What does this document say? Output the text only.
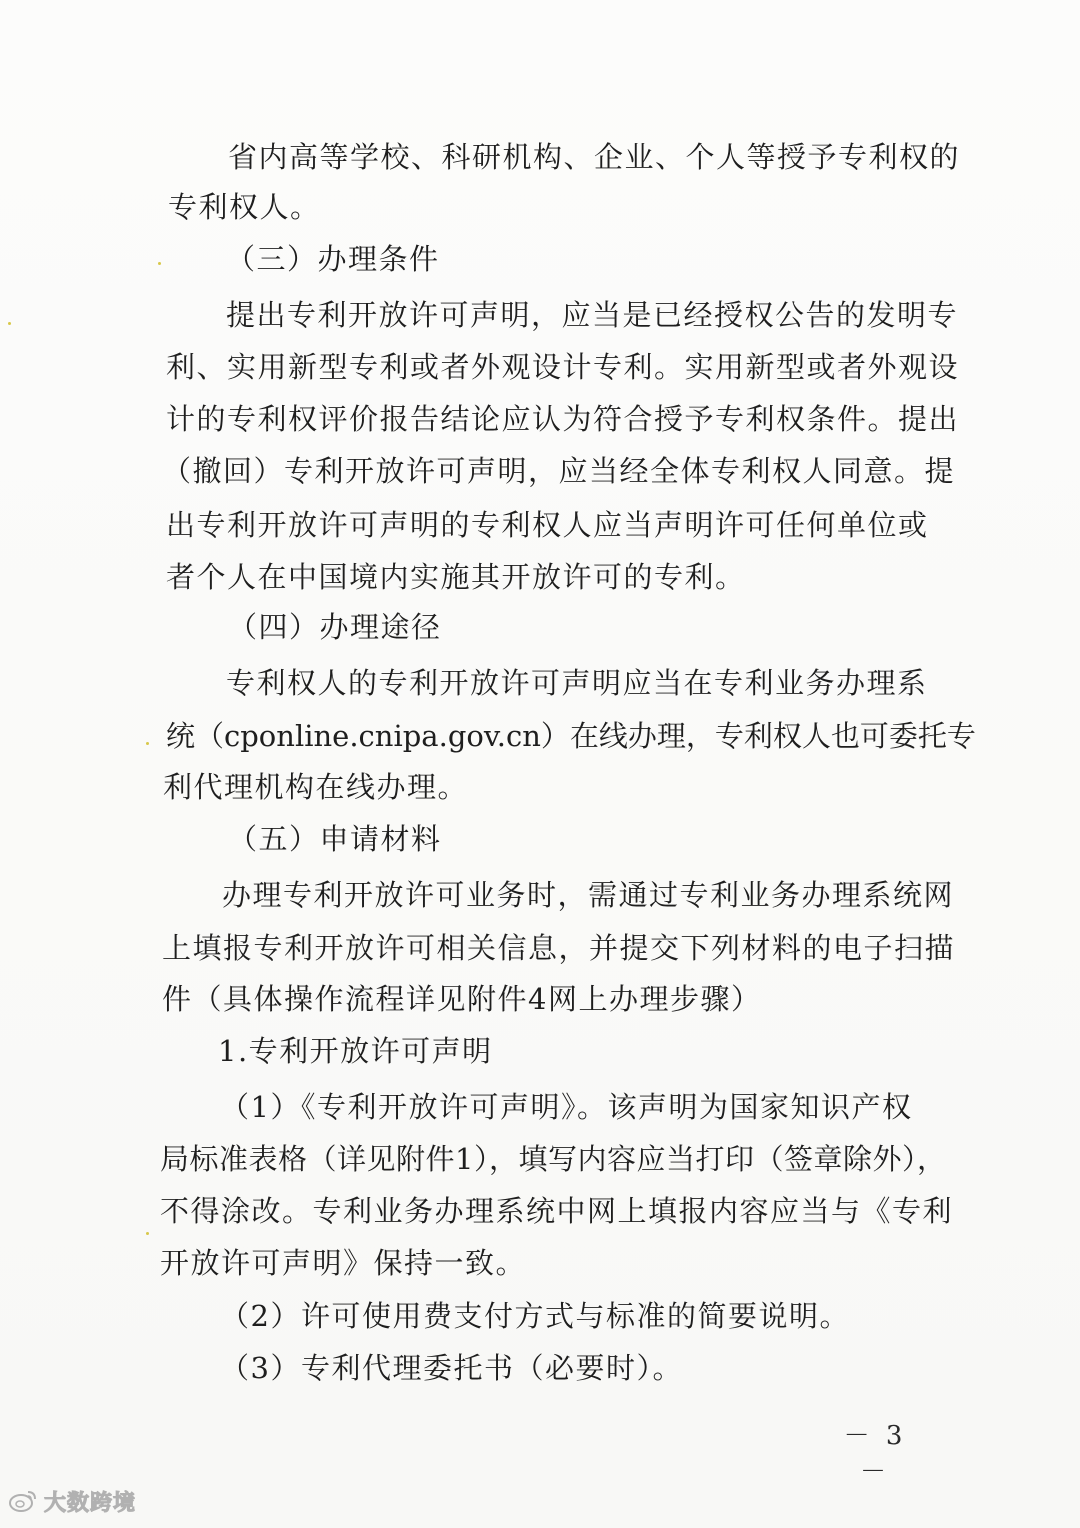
省内高等学校、科研机构、企业、个人等授予专利权的
专利权人。
（三）办理条件
提出专利开放许可声明，应当是已经授权公告的发明专
利、实用新型专利或者外观设计专利。实用新型或者外观设
计的专利权评价报告结论应认为符合授予专利权条件。提出
（撤回）专利开放许可声明，应当经全体专利权人同意。提
出专利开放许可声明的专利权人应当声明许可任何单位或
者个人在中国境内实施其开放许可的专利。
（四）办理途径
专利权人的专利开放许可声明应当在专利业务办理系
统（cponline.cnipa.gov.cn）在线办理，专利权人也可委托专
利代理机构在线办理。
（五）申请材料
办理专利开放许可业务时，需通过专利业务办理系统网
上填报专利开放许可相关信息，并提交下列材料的电子扫描
件（具体操作流程详见附件4网上办理步骤）
1.专利开放许可声明
（1）《专利开放许可声明》。该声明为国家知识产权
局标准表格（详见附件1），填写内容应当打印（签章除外），
不得涂改。专利业务办理系统中网上填报内容应当与《专利
开放许可声明》保持一致。
（2）许可使用费支付方式与标准的简要说明。
（3）专利代理委托书（必要时）。
－ 3 －
大数跨境
